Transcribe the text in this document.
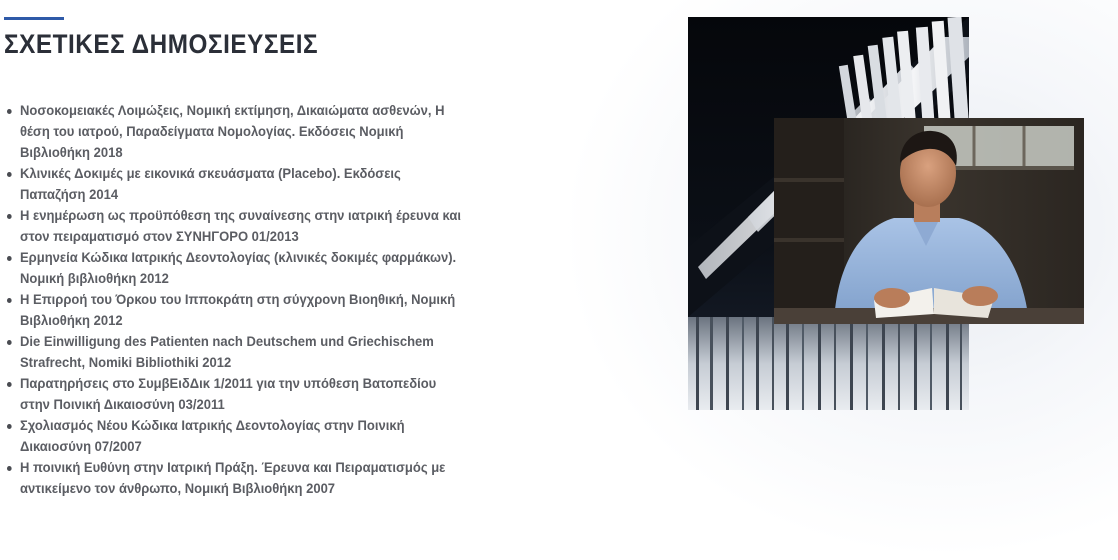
ΣΧΕΤΙΚΕΣ ΔΗΜΟΣΙΕΥΣΕΙΣ
Νοσοκομειακές Λοιμώξεις, Νομική εκτίμηση, Δικαιώματα ασθενών, Η θέση του ιατρού, Παραδείγματα Νομολογίας. Εκδόσεις Νομική Βιβλιοθήκη 2018
Κλινικές Δοκιμές με εικονικά σκευάσματα (Placebo). Εκδόσεις Παπαζήση 2014
Η ενημέρωση ως προϋπόθεση της συναίνεσης στην ιατρική έρευνα και στον πειραματισμό στον ΣΥΝΗΓΟΡΟ 01/2013
Ερμηνεία Κώδικα Ιατρικής Δεοντολογίας (κλινικές δοκιμές φαρμάκων). Νομική βιβλιοθήκη 2012
Η Επιρροή του Όρκου του Ιπποκράτη στη σύγχρονη Βιοηθική, Νομική Βιβλιοθήκη 2012
Die Einwilligung des Patienten nach Deutschem und Griechischem Strafrecht, Nomiki Bibliothiki 2012
Παρατηρήσεις στο ΣυμβΕιδΔικ 1/2011 για την υπόθεση Βατοπεδίου στην Ποινική Δικαιοσύνη 03/2011
Σχολιασμός Νέου Κώδικα Ιατρικής Δεοντολογίας στην Ποινική Δικαιοσύνη 07/2007
Η ποινική Ευθύνη στην Ιατρική Πράξη. Έρευνα και Πειραματισμός με αντικείμενο τον άνθρωπο, Νομική Βιβλιοθήκη 2007
